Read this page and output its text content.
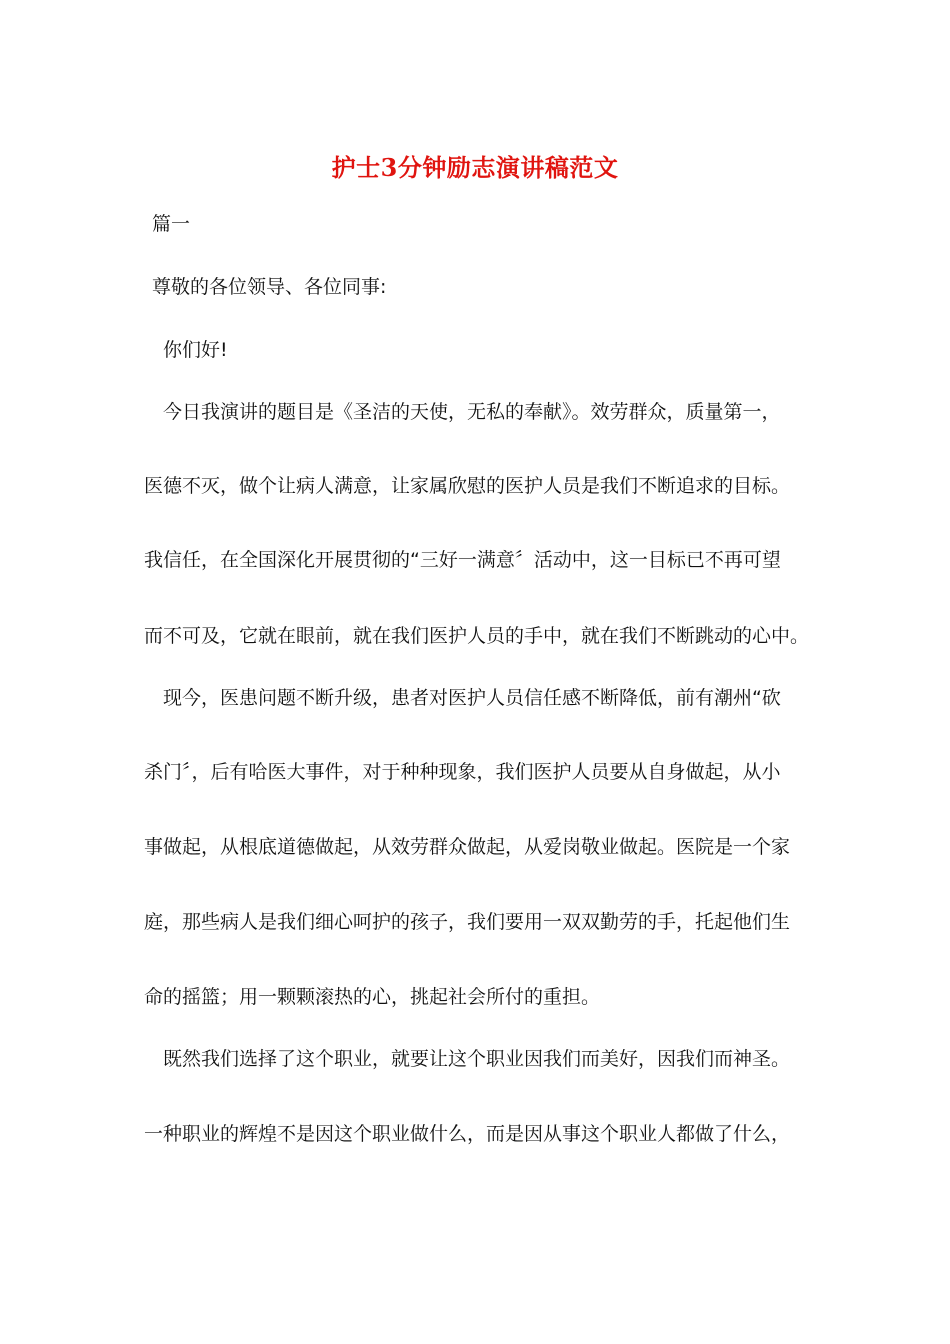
护士3分钟励志演讲稿范文
篇一
尊敬的各位领导、各位同事:
你们好!
今日我演讲的题目是《圣洁的天使，无私的奉献》。效劳群众，质量第一，
医德不灭，做个让病人满意，让家属欣慰的医护人员是我们不断追求的目标。
我信任，在全国深化开展贯彻的“三好一满意〞活动中，这一目标已不再可望
而不可及，它就在眼前，就在我们医护人员的手中，就在我们不断跳动的心中。
现今，医患问题不断升级，患者对医护人员信任感不断降低，前有潮州“砍
杀门〞，后有哈医大事件，对于种种现象，我们医护人员要从自身做起，从小
事做起，从根底道德做起，从效劳群众做起，从爱岗敬业做起。医院是一个家
庭，那些病人是我们细心呵护的孩子，我们要用一双双勤劳的手，托起他们生
命的摇篮；用一颗颗滚热的心，挑起社会所付的重担。
既然我们选择了这个职业，就要让这个职业因我们而美好，因我们而神圣。
一种职业的辉煌不是因这个职业做什么，而是因从事这个职业人都做了什么，
